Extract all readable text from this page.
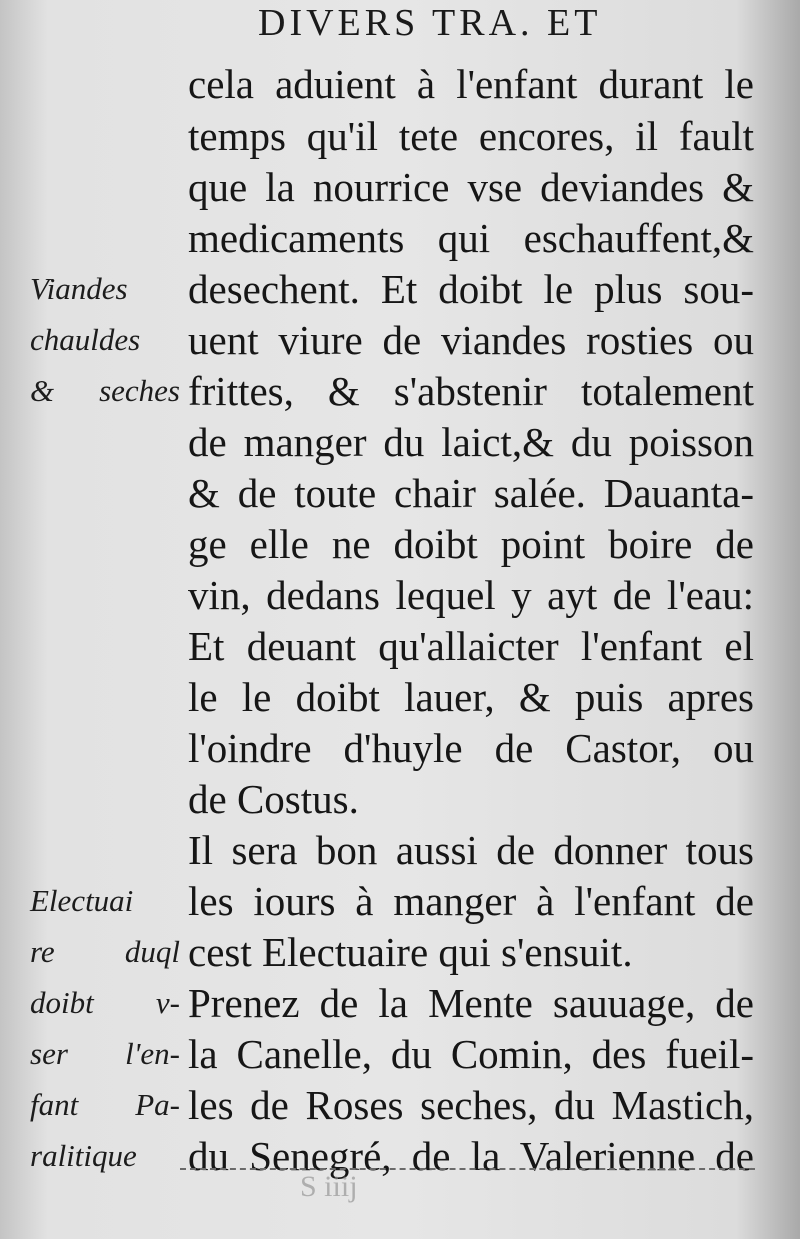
DIVERS TRA. ET
cela aduient à l'enfant durant le
temps qu'il tete encores, il fault
que la nourrice vse deviandes &
medicaments qui eschauffent,&
desechent. Et doibt le plus sou-
uent viure de viandes rosties ou
frittes, & s'abstenir totalement
de manger du laict,& du poisson
& de toute chair salée. Dauanta-
ge elle ne doibt point boire de
vin, dedans lequel y ayt de l'eau:
Et deuant qu'allaicter l'enfant el
le le doibt lauer, & puis apres
l'oindre d'huyle de Castor, ou
de Costus.
Il sera bon aussi de donner tous
les iours à manger à l'enfant de
cest Electuaire qui s'ensuit.
Prenez de la Mente sauuage, de
la Canelle, du Comin, des fueil-
les de Roses seches, du Mastich,
du Senegré, de la Valerienne de
Viandes
chauldes
& seches
Electuai
re duql
doibt v-
ser l'en-
fant Pa-
ralitique
S iiij
